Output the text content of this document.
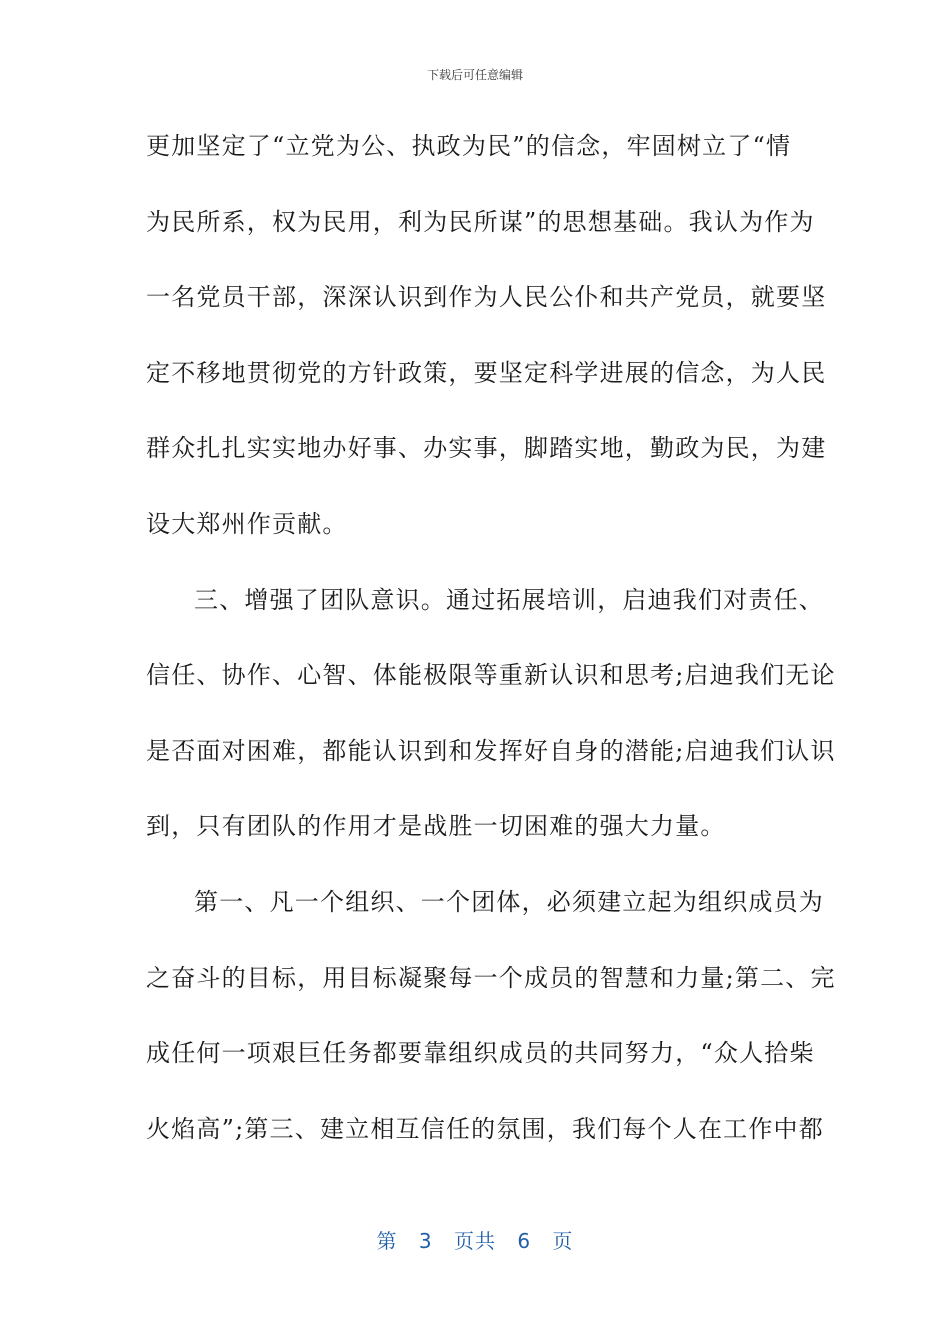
下载后可任意编辑
更加坚定了“立党为公、执政为民”的信念，牢固树立了“情
为民所系，权为民用，利为民所谋”的思想基础。我认为作为
一名党员干部，深深认识到作为人民公仆和共产党员，就要坚
定不移地贯彻党的方针政策，要坚定科学进展的信念，为人民
群众扎扎实实地办好事、办实事，脚踏实地，勤政为民，为建
设大郑州作贡献。
三、增强了团队意识。通过拓展培训，启迪我们对责任、
信任、协作、心智、体能极限等重新认识和思考;启迪我们无论
是否面对困难，都能认识到和发挥好自身的潜能;启迪我们认识
到，只有团队的作用才是战胜一切困难的强大力量。
第一、凡一个组织、一个团体，必须建立起为组织成员为
之奋斗的目标，用目标凝聚每一个成员的智慧和力量;第二、完
成任何一项艰巨任务都要靠组织成员的共同努力，“众人拾柴
火焰高”;第三、建立相互信任的氛围，我们每个人在工作中都
第 3 页共 6 页
